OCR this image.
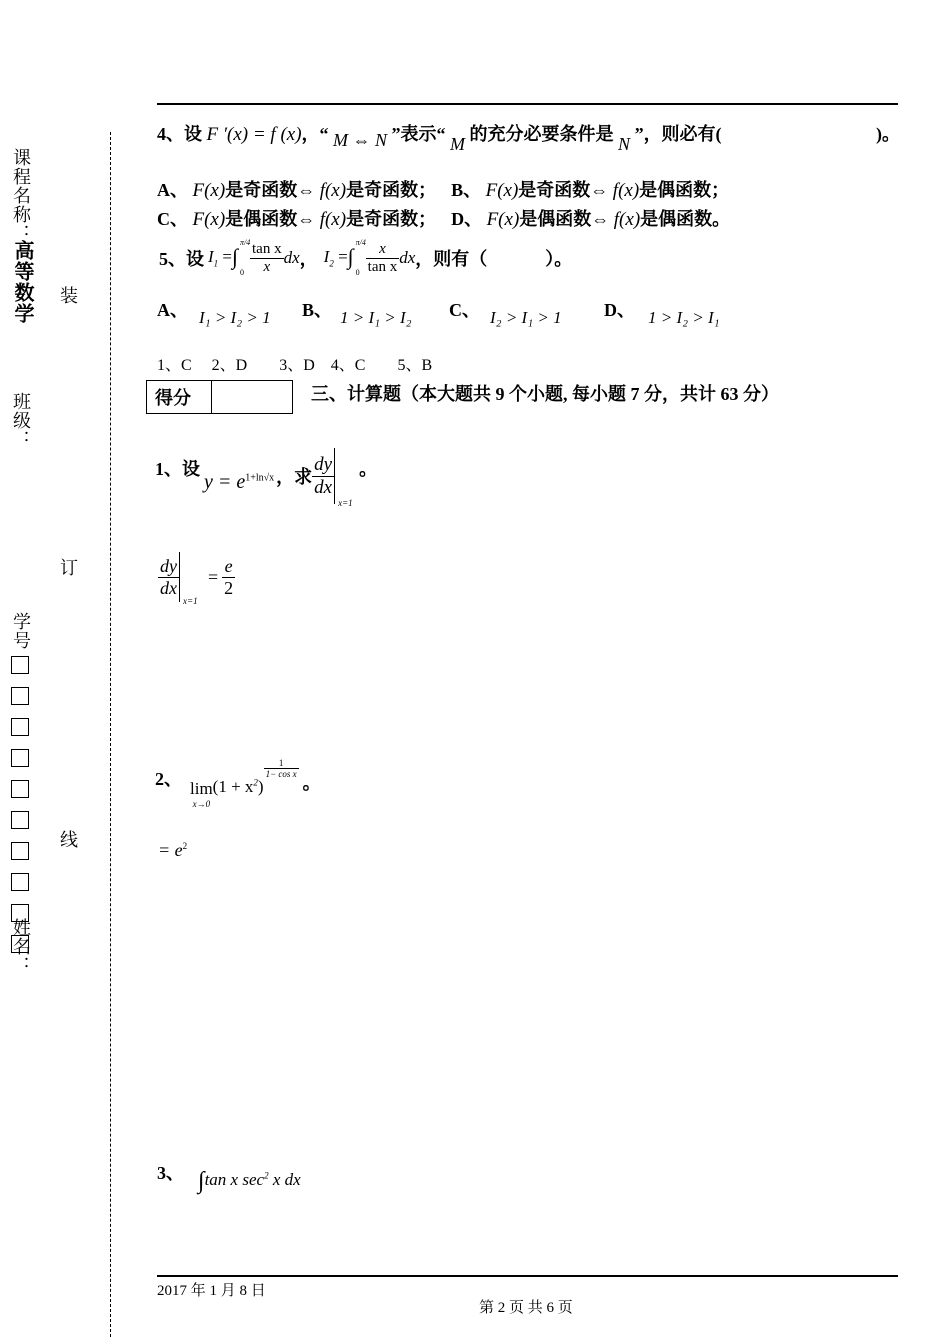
课程名称：
高等数学
班级：
学号

姓名：
装
订
线
4、设 F ′(x) = f (x)，“ M ⇔ N ”表示“ M 的充分必要条件是 N ”，则必有(	)。
A、 F(x)是奇函数⇔ f(x)是奇函数； B、 F(x)是奇函数⇔ f(x)是偶函数；
C、 F(x)是偶函数⇔ f(x)是奇函数； D、 F(x)是偶函数⇔ f(x)是偶函数。
5、设 $I_1$ = ∫
π/4
$0 \frac{\text{tan x}}{x}$ dx ， $I_2$ = ∫
π/4
$0 \frac{x}{\text{tan x}}$ dx ，则有（	）。
A、 I₁ > I₂ > 1 B、 1 > I₁ > I₂ C、 I₂ > I₁ > 1 D、 1 > I₂ > I₁
1、C　 2、D　　3、D　4、C　　5、B
得分		三、计算题（本大题共 9 个小题, 每小题 7 分，共计 63 分）
1、设
$y = e^{1+ln√x}$ ，求 $\frac{dy}{dx}$
x=1
。
$\frac{dy}{dx}$
x=1
= $\frac{e}{2}$
2、 lim
x→0
$(1 + x^2)$
$\frac{1}{\text{1− cos x}}$
。
= $e^2$
3、 ∫ tan x $\sec^2 x$ dx
2017 年 1 月 8 日
第 2 页 共 6 页
